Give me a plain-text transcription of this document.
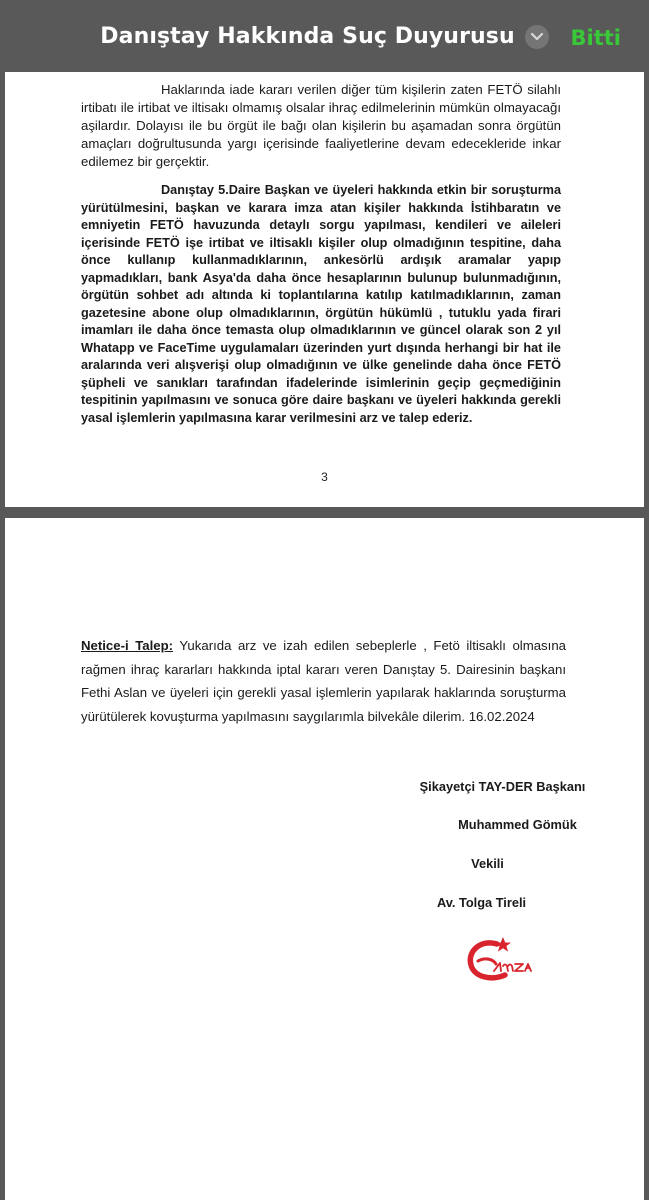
Danıştay Hakkında Suç Duyurusu	Bitti
Haklarında iade kararı verilen diğer tüm kişilerin zaten FETÖ silahlı irtibatı ile irtibat ve iltisakı olmamış olsalar ihraç edilmelerinin mümkün olmayacağı aşilardır. Dolayısı ile bu örgüt ile bağı olan kişilerin bu aşamadan sonra örgütün amaçları doğrultusunda yargı içerisinde faaliyetlerine devam edecekleride inkar edilemez bir gerçektir.
Danıştay 5.Daire Başkan ve üyeleri hakkında etkin bir soruşturma yürütülmesini, başkan ve karara imza atan kişiler hakkında İstihbaratın ve emniyetin FETÖ havuzunda detaylı sorgu yapılması, kendileri ve aileleri içerisinde FETÖ işe irtibat ve iltisaklı kişiler olup olmadığının tespitine, daha önce kullanıp kullanmadıklarının, ankesörlü ardışık aramalar yapıp yapmadıkları, bank Asya'da daha önce hesaplarının bulunup bulunmadığının, örgütün sohbet adı altında ki toplantılarına katılıp katılmadıklarının, zaman gazetesine abone olup olmadıklarının, örgütün hükümlü , tutuklu yada firari imamları ile daha önce temasta olup olmadıklarının ve güncel olarak son 2 yıl Whatapp ve FaceTime uygulamaları üzerinden yurt dışında herhangi bir hat ile aralarında veri alışverişi olup olmadığının ve ülke genelinde daha önce FETÖ şüpheli ve sanıkları tarafından ifadelerinde isimlerinin geçip geçmediğinin tespitinin yapılmasını ve sonuca göre daire başkanı ve üyeleri hakkında gerekli yasal işlemlerin yapılmasına karar verilmesini arz ve talep ederiz.
3
Netice-i Talep: Yukarıda arz ve izah edilen sebeplerle , Fetö iltisaklı olmasına rağmen ihraç kararları hakkında iptal kararı veren Danıştay 5. Dairesinin başkanı Fethi Aslan ve üyeleri için gerekli yasal işlemlerin yapılarak haklarında soruşturma yürütülerek kovuşturma yapılmasını saygılarımla bilvekâle dilerim. 16.02.2024
Şikayetçi TAY-DER Başkanı
Muhammed Gömük
Vekili
Av. Tolga Tireli
